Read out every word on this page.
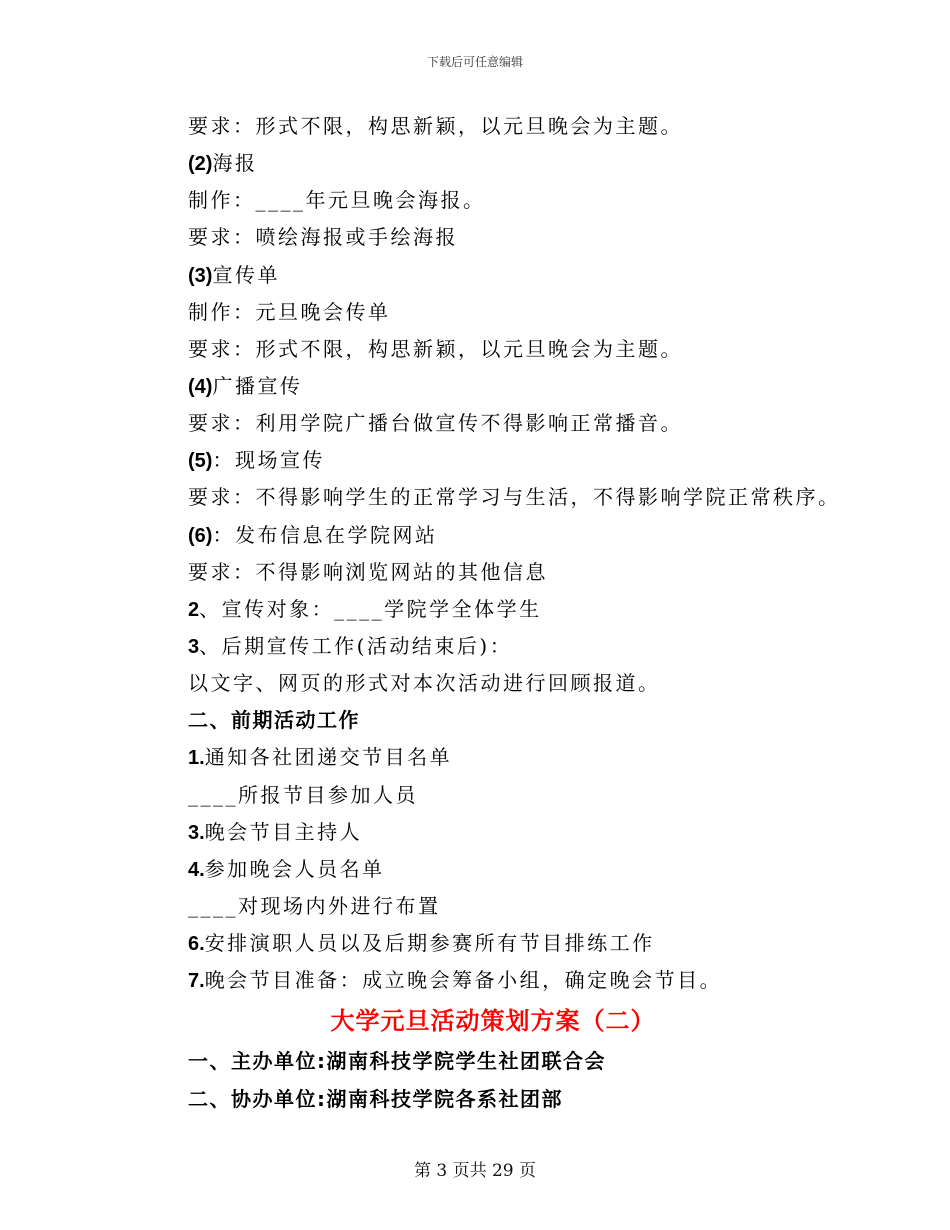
下载后可任意编辑
要求：形式不限，构思新颖，以元旦晚会为主题。
(2)海报
制作：____年元旦晚会海报。
要求：喷绘海报或手绘海报
(3)宣传单
制作：元旦晚会传单
要求：形式不限，构思新颖，以元旦晚会为主题。
(4)广播宣传
要求：利用学院广播台做宣传不得影响正常播音。
(5)：现场宣传
要求：不得影响学生的正常学习与生活，不得影响学院正常秩序。
(6)：发布信息在学院网站
要求：不得影响浏览网站的其他信息
2、宣传对象：____学院学全体学生
3、后期宣传工作(活动结束后)：
以文字、网页的形式对本次活动进行回顾报道。
二、前期活动工作
1.通知各社团递交节目名单
____所报节目参加人员
3.晚会节目主持人
4.参加晚会人员名单
____对现场内外进行布置
6.安排演职人员以及后期参赛所有节目排练工作
7.晚会节目准备：成立晚会筹备小组，确定晚会节目。
大学元旦活动策划方案（二）
一、主办单位:湖南科技学院学生社团联合会
二、协办单位:湖南科技学院各系社团部
第 3 页共 29 页
